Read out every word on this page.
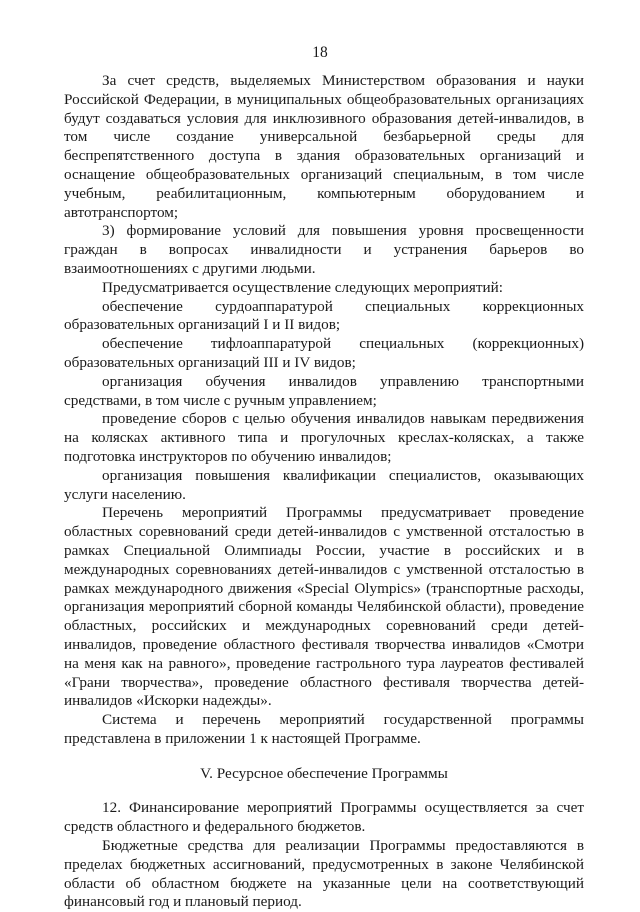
18

За счет средств, выделяемых Министерством образования и науки Российской Федерации, в муниципальных общеобразовательных организациях будут создаваться условия для инклюзивного образования детей-инвалидов, в том числе создание универсальной безбарьерной среды для беспрепятственного доступа в здания образовательных организаций и оснащение общеобразовательных организаций специальным, в том числе учебным, реабилитационным, компьютерным оборудованием и автотранспортом;

3) формирование условий для повышения уровня просвещенности граждан в вопросах инвалидности и устранения барьеров во взаимоотношениях с другими людьми.

Предусматривается осуществление следующих мероприятий:

обеспечение сурдоаппаратурой специальных коррекционных образовательных организаций I и II видов;

обеспечение тифлоаппаратурой специальных (коррекционных) образовательных организаций III и IV видов;

организация обучения инвалидов управлению транспортными средствами, в том числе с ручным управлением;

проведение сборов с целью обучения инвалидов навыкам передвижения на колясках активного типа и прогулочных креслах-колясках, а также подготовка инструкторов по обучению инвалидов;

организация повышения квалификации специалистов, оказывающих услуги населению.

Перечень мероприятий Программы предусматривает проведение областных соревнований среди детей-инвалидов с умственной отсталостью в рамках Специальной Олимпиады России, участие в российских и в международных соревнованиях детей-инвалидов с умственной отсталостью в рамках международного движения «Special Olympics» (транспортные расходы, организация мероприятий сборной команды Челябинской области), проведение областных, российских и международных соревнований среди детей-инвалидов, проведение областного фестиваля творчества инвалидов «Смотри на меня как на равного», проведение гастрольного тура лауреатов фестивалей «Грани творчества», проведение областного фестиваля творчества детей-инвалидов «Искорки надежды».

Система и перечень мероприятий государственной программы представлена в приложении 1 к настоящей Программе.

V. Ресурсное обеспечение Программы

12. Финансирование мероприятий Программы осуществляется за счет средств областного и федерального бюджетов.

Бюджетные средства для реализации Программы предоставляются в пределах бюджетных ассигнований, предусмотренных в законе Челябинской области об областном бюджете на указанные цели на соответствующий финансовый год и плановый период.
